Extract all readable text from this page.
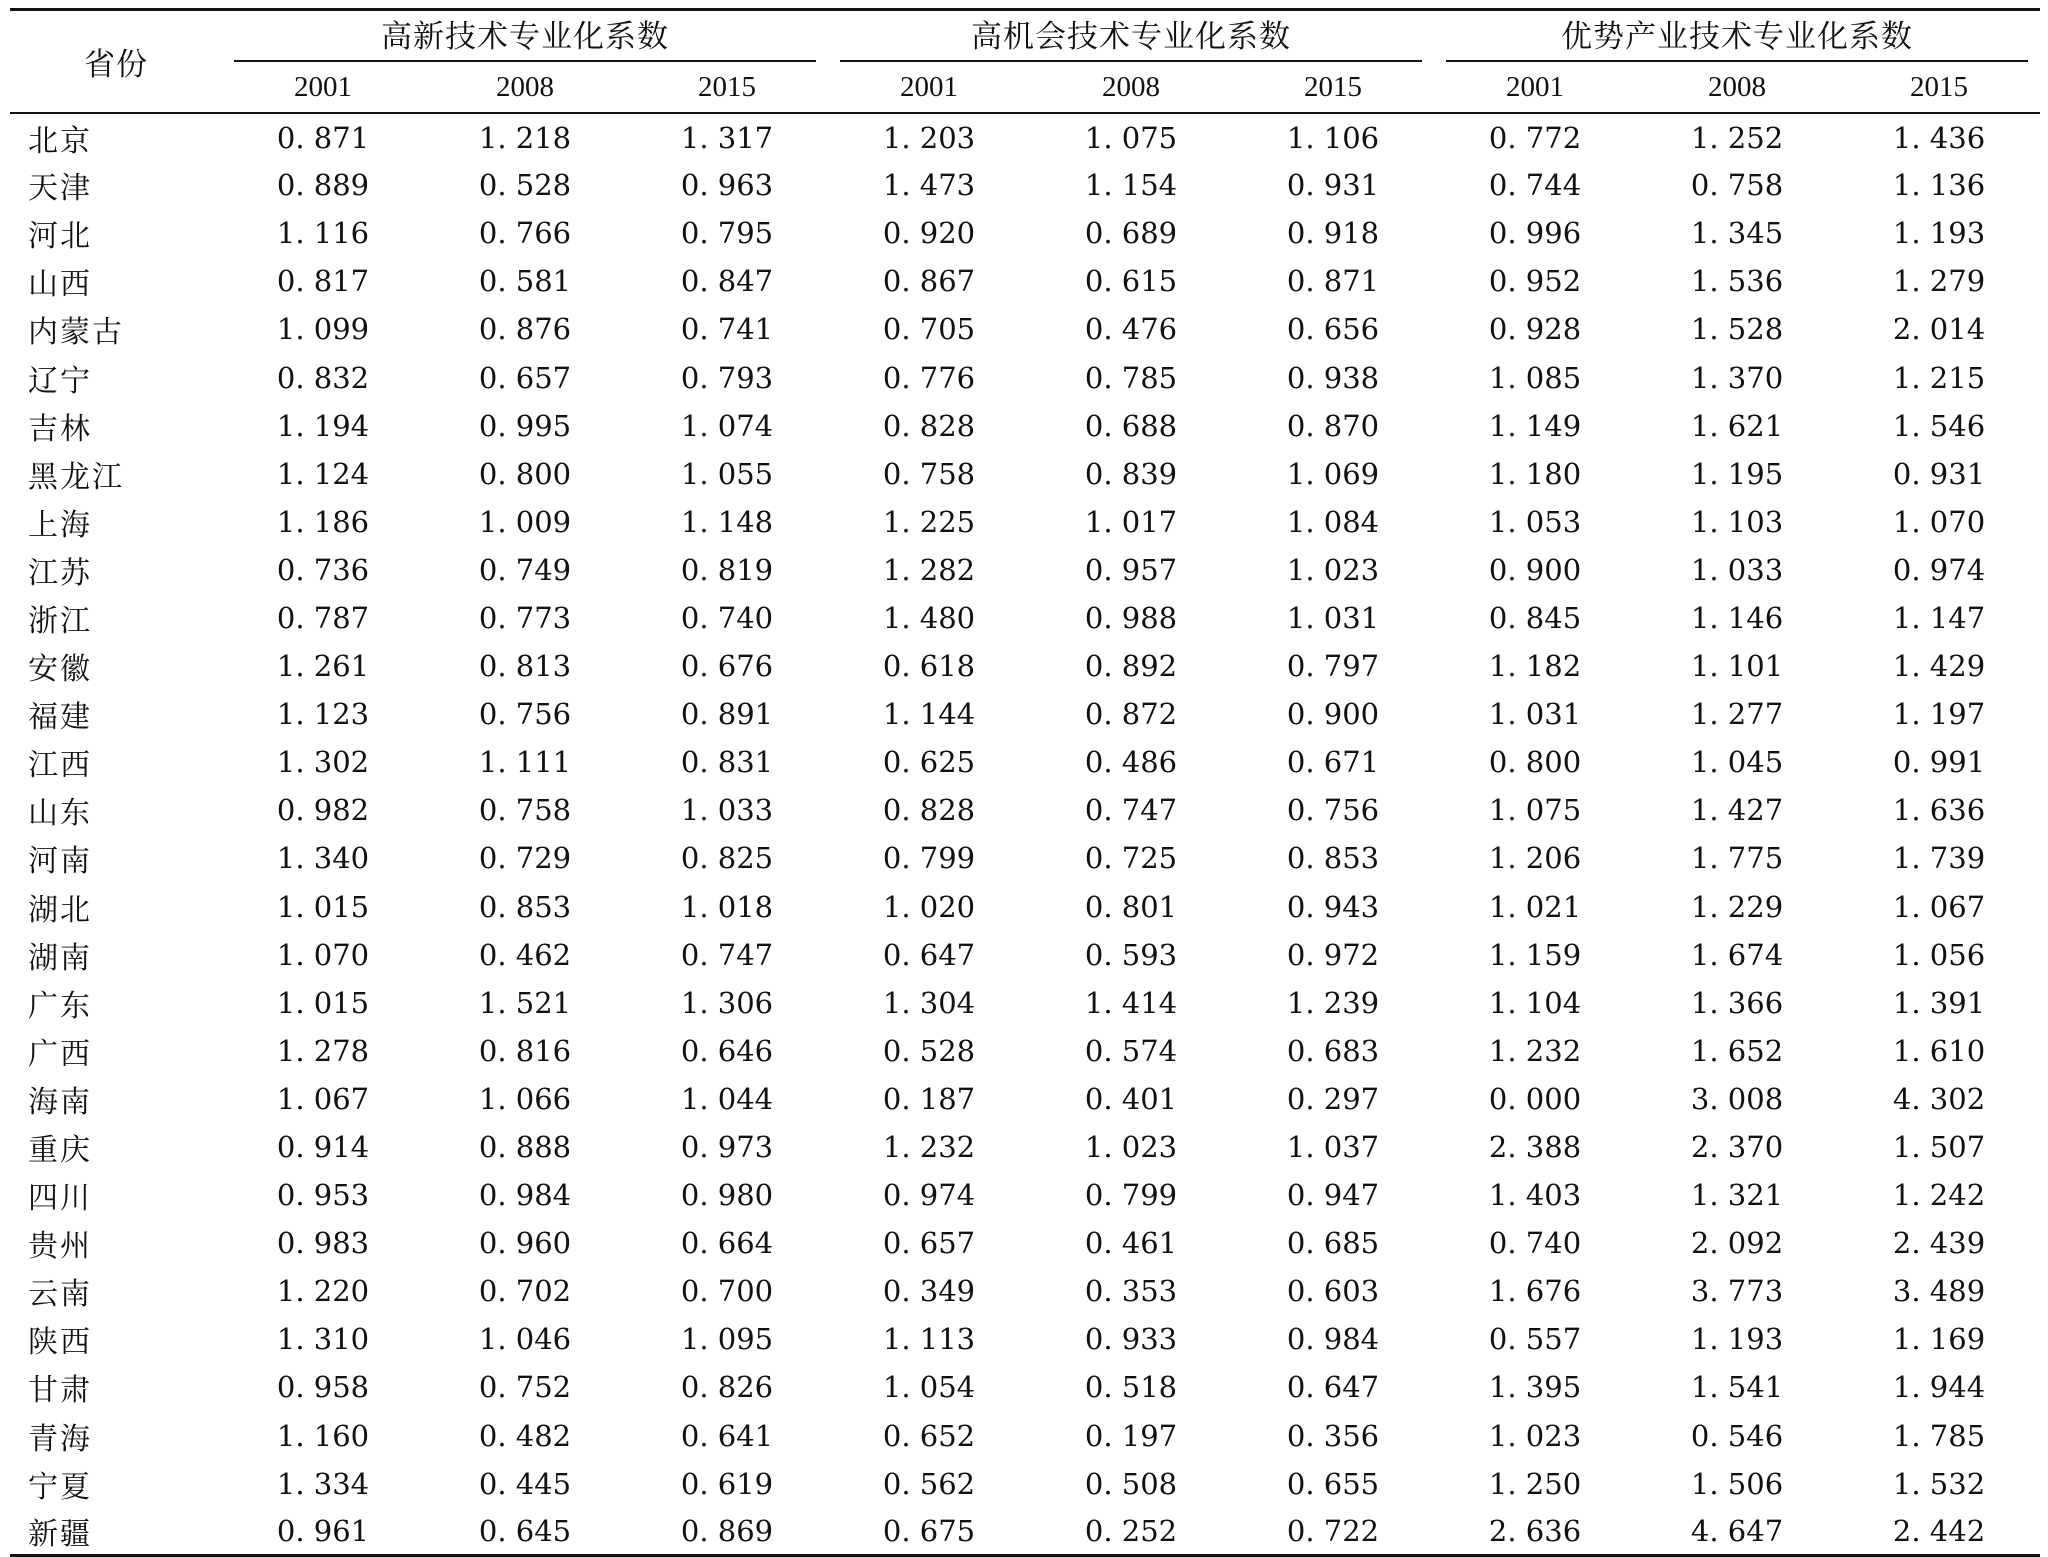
省份	高新技术专业化系数			高机会技术专业化系数			优势产业技术专业化系数		

	2001	2008	2015	2001	2008	2015	2001	2008	2015
北京	0. 871	1. 218	1. 317	1. 203	1. 075	1. 106	0. 772	1. 252	1. 436
天津	0. 889	0. 528	0. 963	1. 473	1. 154	0. 931	0. 744	0. 758	1. 136
河北	1. 116	0. 766	0. 795	0. 920	0. 689	0. 918	0. 996	1. 345	1. 193
山西	0. 817	0. 581	0. 847	0. 867	0. 615	0. 871	0. 952	1. 536	1. 279
内蒙古	1. 099	0. 876	0. 741	0. 705	0. 476	0. 656	0. 928	1. 528	2. 014
辽宁	0. 832	0. 657	0. 793	0. 776	0. 785	0. 938	1. 085	1. 370	1. 215
吉林	1. 194	0. 995	1. 074	0. 828	0. 688	0. 870	1. 149	1. 621	1. 546
黑龙江	1. 124	0. 800	1. 055	0. 758	0. 839	1. 069	1. 180	1. 195	0. 931
上海	1. 186	1. 009	1. 148	1. 225	1. 017	1. 084	1. 053	1. 103	1. 070
江苏	0. 736	0. 749	0. 819	1. 282	0. 957	1. 023	0. 900	1. 033	0. 974
浙江	0. 787	0. 773	0. 740	1. 480	0. 988	1. 031	0. 845	1. 146	1. 147
安徽	1. 261	0. 813	0. 676	0. 618	0. 892	0. 797	1. 182	1. 101	1. 429
福建	1. 123	0. 756	0. 891	1. 144	0. 872	0. 900	1. 031	1. 277	1. 197
江西	1. 302	1. 111	0. 831	0. 625	0. 486	0. 671	0. 800	1. 045	0. 991
山东	0. 982	0. 758	1. 033	0. 828	0. 747	0. 756	1. 075	1. 427	1. 636
河南	1. 340	0. 729	0. 825	0. 799	0. 725	0. 853	1. 206	1. 775	1. 739
湖北	1. 015	0. 853	1. 018	1. 020	0. 801	0. 943	1. 021	1. 229	1. 067
湖南	1. 070	0. 462	0. 747	0. 647	0. 593	0. 972	1. 159	1. 674	1. 056
广东	1. 015	1. 521	1. 306	1. 304	1. 414	1. 239	1. 104	1. 366	1. 391
广西	1. 278	0. 816	0. 646	0. 528	0. 574	0. 683	1. 232	1. 652	1. 610
海南	1. 067	1. 066	1. 044	0. 187	0. 401	0. 297	0. 000	3. 008	4. 302
重庆	0. 914	0. 888	0. 973	1. 232	1. 023	1. 037	2. 388	2. 370	1. 507
四川	0. 953	0. 984	0. 980	0. 974	0. 799	0. 947	1. 403	1. 321	1. 242
贵州	0. 983	0. 960	0. 664	0. 657	0. 461	0. 685	0. 740	2. 092	2. 439
云南	1. 220	0. 702	0. 700	0. 349	0. 353	0. 603	1. 676	3. 773	3. 489
陕西	1. 310	1. 046	1. 095	1. 113	0. 933	0. 984	0. 557	1. 193	1. 169
甘肃	0. 958	0. 752	0. 826	1. 054	0. 518	0. 647	1. 395	1. 541	1. 944
青海	1. 160	0. 482	0. 641	0. 652	0. 197	0. 356	1. 023	0. 546	1. 785
宁夏	1. 334	0. 445	0. 619	0. 562	0. 508	0. 655	1. 250	1. 506	1. 532
新疆	0. 961	0. 645	0. 869	0. 675	0. 252	0. 722	2. 636	4. 647	2. 442
